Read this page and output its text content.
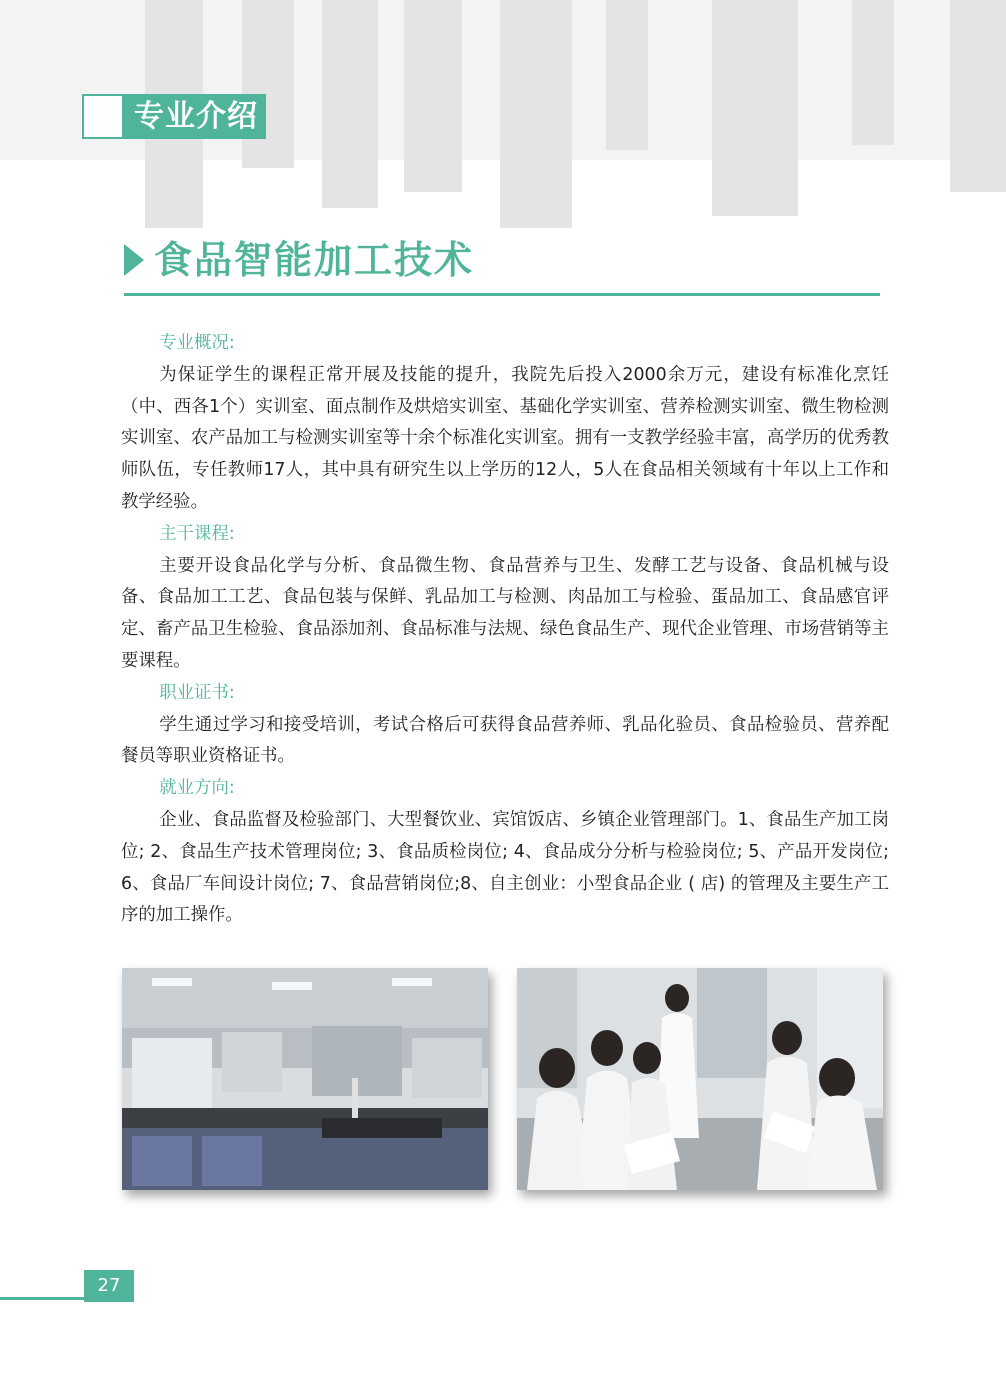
专业介绍
食品智能加工技术

专业概况:

为保证学生的课程正常开展及技能的提升，我院先后投入2000余万元，建设有标准化烹饪（中、西各1个）实训室、面点制作及烘焙实训室、基础化学实训室、营养检测实训室、微生物检测实训室、农产品加工与检测实训室等十余个标准化实训室。拥有一支教学经验丰富，高学历的优秀教师队伍，专任教师17人，其中具有研究生以上学历的12人，5人在食品相关领域有十年以上工作和教学经验。

主干课程:

主要开设食品化学与分析、食品微生物、食品营养与卫生、发酵工艺与设备、食品机械与设备、食品加工工艺、食品包装与保鲜、乳品加工与检测、肉品加工与检验、蛋品加工、食品感官评定、畜产品卫生检验、食品添加剂、食品标准与法规、绿色食品生产、现代企业管理、市场营销等主要课程。

职业证书:

学生通过学习和接受培训，考试合格后可获得食品营养师、乳品化验员、食品检验员、营养配餐员等职业资格证书。

就业方向:

企业、食品监督及检验部门、大型餐饮业、宾馆饭店、乡镇企业管理部门。1、食品生产加工岗位; 2、食品生产技术管理岗位; 3、食品质检岗位; 4、食品成分分析与检验岗位; 5、产品开发岗位; 6、食品厂车间设计岗位; 7、食品营销岗位;8、自主创业：小型食品企业 ( 店) 的管理及主要生产工序的加工操作。

27
